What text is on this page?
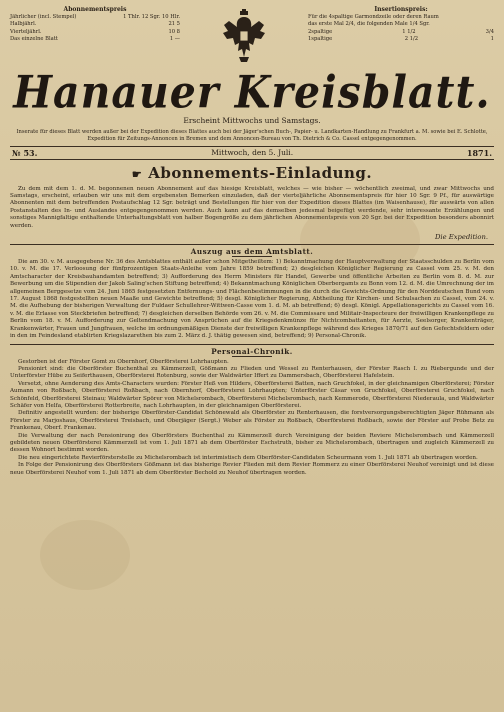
Abonnementspreis
Jährlicher (incl. Stempel)	1 Thlr. 12 Sgr. 10 Hlr.
Halbjährl.	21 5
Vierteljährl.	10 8
Das einzelne Blatt	1 —
Insertionspreis:
Für die 4spaltige Garmondzeile oder deren Raum
das erste Mal 2/4, die folgenden Male 1/4 Sgr.
2spaltige	1 1/2	3/4
1spaltige	2 1/2	1
Hanauer Kreisblatt.
Erscheint Mittwochs und Samstags.
Inserate für dieses Blatt werden außer bei der Expedition dieses Blattes auch bei der Jäger'schen Buch-, Papier- u. Landkarten-Handlung zu Frankfurt a. M. sowie bei E. Schlotte, Expedition für Zeitungs-Annoncen in Bremen und dem Annoncen-Bureau von Th. Dietrich & Co. Cassel entgegengenommen.
№ 53.	Mittwoch, den 5. Juli.	1871.
☛ Abonnements-Einladung.
Zu dem mit dem 1. d. M. begonnenen neuen Abonnement auf das hiesige Kreisblatt, welches — wie bisher — wöchentlich zweimal, und zwar Mittwochs und Samstags, erscheint, erlauben wir uns mit dem ergebensten Bemerken einzuladen, daß der vierteljährliche Abonnementspreis für hier 10 Sgr. 9 Pf., für auswärtige Abonnenten mit dem betreffenden Postaufschlag 12 Sgr. beträgt und Bestellungen für hier von der Expedition dieses Blattes (im Waisenhause), für auswärts von allen Postanstalten des In- und Auslandes entgegengenommen werden. Auch kann auf das demselben jedesmal beigefügt werdende, sehr interessante Erzählungen und sonstiges Mannigfaltige enthaltende Unterhaltungsblatt von halber Bogengröße zu dem jährlichen Abonnementspreis von 20 Sgr. bei der Expedition besonders abonnirt werden.
Die Expedition.
Auszug aus dem Amtsblatt.
Die am 30. v. M. ausgegebene Nr. 36 des Amtsblattes enthält außer schon Mitgetheiltem: 1) Bekanntmachung der Hauptverwaltung der Staatsschulden zu Berlin vom 10. v. M. die 17. Verloosung der fünfprozentigen Staats-Anleihe vom Jahre 1859 betreffend; 2) desgleichen Königlicher Regierung zu Cassel vom 25. v. M. den Amtscharacter der Kreisbauhandamten betreffend; 3) Aufforderung des Herrn Ministers für Handel, Gewerbe und öffentliche Arbeiten zu Berlin vom 8. d. M. zur Bewerbung um die Stipendien der Jakob Saling'schen Stiftung betreffend; 4) Bekanntmachung Königlichen Oberbergamts zu Bonn vom 12. d. M. die Umrechnung der im allgemeinen Berggesetze vom 24. Juni 1865 festgesetzten Entfernungs- und Flächenbestimmungen in die durch die Gewichts-Ordnung für den Norddeutschen Bund vom 17. August 1868 festgestellten neuen Maaße und Gewichte betreffend; 5) desgl. Königlicher Regierung, Abtheilung für Kirchen- und Schulsachen zu Cassel, vom 24. v. M. die Aufhebung der bisherigen Verwaltung der Fuldaer Schullehrer-Wittwen-Casse vom 1. d. M. ab betreffend; 6) desgl. Königl. Appellationsgerichts zu Cassel vom 16. v. M. die Erlasse von Steckbriefen betreffend; 7) desgleichen derselben Behörde vom 26. v. M. die Commissare und Militair-Inspecteure der freiwilligen Krankenpflege zu Berlin vom 18. v. M. Aufforderung zur Geltendmachung von Ansprüchen auf die Kriegsdenkmünze für Nichtcombattanten, für Aerzte, Seelsorger, Krankenträger, Krankenwärter, Frauen und Jungfrauen, welche im ordnungsmäßigen Dienste der freiwilligen Krankenpflege während des Krieges 1870/71 auf den Gefechtsfeldern oder in den im Feindesland etablirten Kriegslazarethen bis zum 2. März d. J. thätig gewesen sind, betreffend; 9) Personal-Chronik.
Personal-Chronik.
Gestorben ist der Förster Gomt zu Obernhorf, Oberförsterei Lohrhaupten.
Pensionirt sind: die Oberförster Buchenthal zu Kämmerzell, Gößmann zu Flieden und Wessel zu Renterhausen, der Förster Rasch I. zu Riebergunde und der Unterförster Hübe zu Seiferthausen, Oberförsterei Rotenburg, sowie der Waldwärter Iffert zu Dammersbach, Oberförsterei Hafelstein.
Versetzt, ohne Aenderung des Amts-Characters wurden: Förster Heß von Hilders, Oberförsterei Batten, nach Gruchfokel, in der gleichnamigen Oberförsterei; Förster Aumann von Roßbach, Oberförsterei Roßbach, nach Obernhorf, Oberförsterei Lohrhaupten; Unterförster Cäsar von Gruchfokel, Oberförsterei Gruchfokel, nach Schönfeld, Oberförsterei Steinau; Waldwärter Spörer von Michelsrombach, Oberförsterei Michelsrombach, nach Kemmerode, Oberförsterei Niederaula, und Waldwärter Schäfer von Helfa, Oberförsterei Rotterbreite, nach Lohrhaupten, in der gleichnamigen Oberförsterei.
Definitiv angestellt wurden: der bisherige Oberförster-Candidat Schönewald als Oberförster zu Renterhausen, die forstversorgungsberechtigten Jäger Rühmann als Förster zu Marjoshaus, Oberförsterei Treisbach, und Oberjäger (Sergt.) Weber als Förster zu Roßbach, Oberförsterei Roßbach, sowie der Förster auf Probe Betz zu Frankenau, Oberf. Frankenau.
Die Verwaltung der nach Pensionirung des Oberförsters Buchenthal zu Kämmerzell durch Vereinigung der beiden Reviere Michelsrombach und Kämmerzell gebildeten neuen Oberförsterei Kämmerzell ist vom 1. Juli 1871 ab dem Oberförster Eschstruth, bisher zu Michelsrombach, übertragen und zugleich Kämmerzell zu dessen Wohnort bestimmt worden.
Die neu eingerichtete Revierförsterstelle zu Michelsrombach ist interimistisch dem Oberförster-Candidaten Scheurmann vom 1. Juli 1871 ab übertragen worden.
In Folge der Pensionirung des Oberförsters Gößmann ist das bisherige Revier Flieden mit dem Revier Rommerz zu einer Oberförsterei Neuhof vereinigt und ist diese neue Oberförsterei Neuhof vom 1. Juli 1871 ab dem Oberförster Bechold zu Neuhof übertragen worden.
